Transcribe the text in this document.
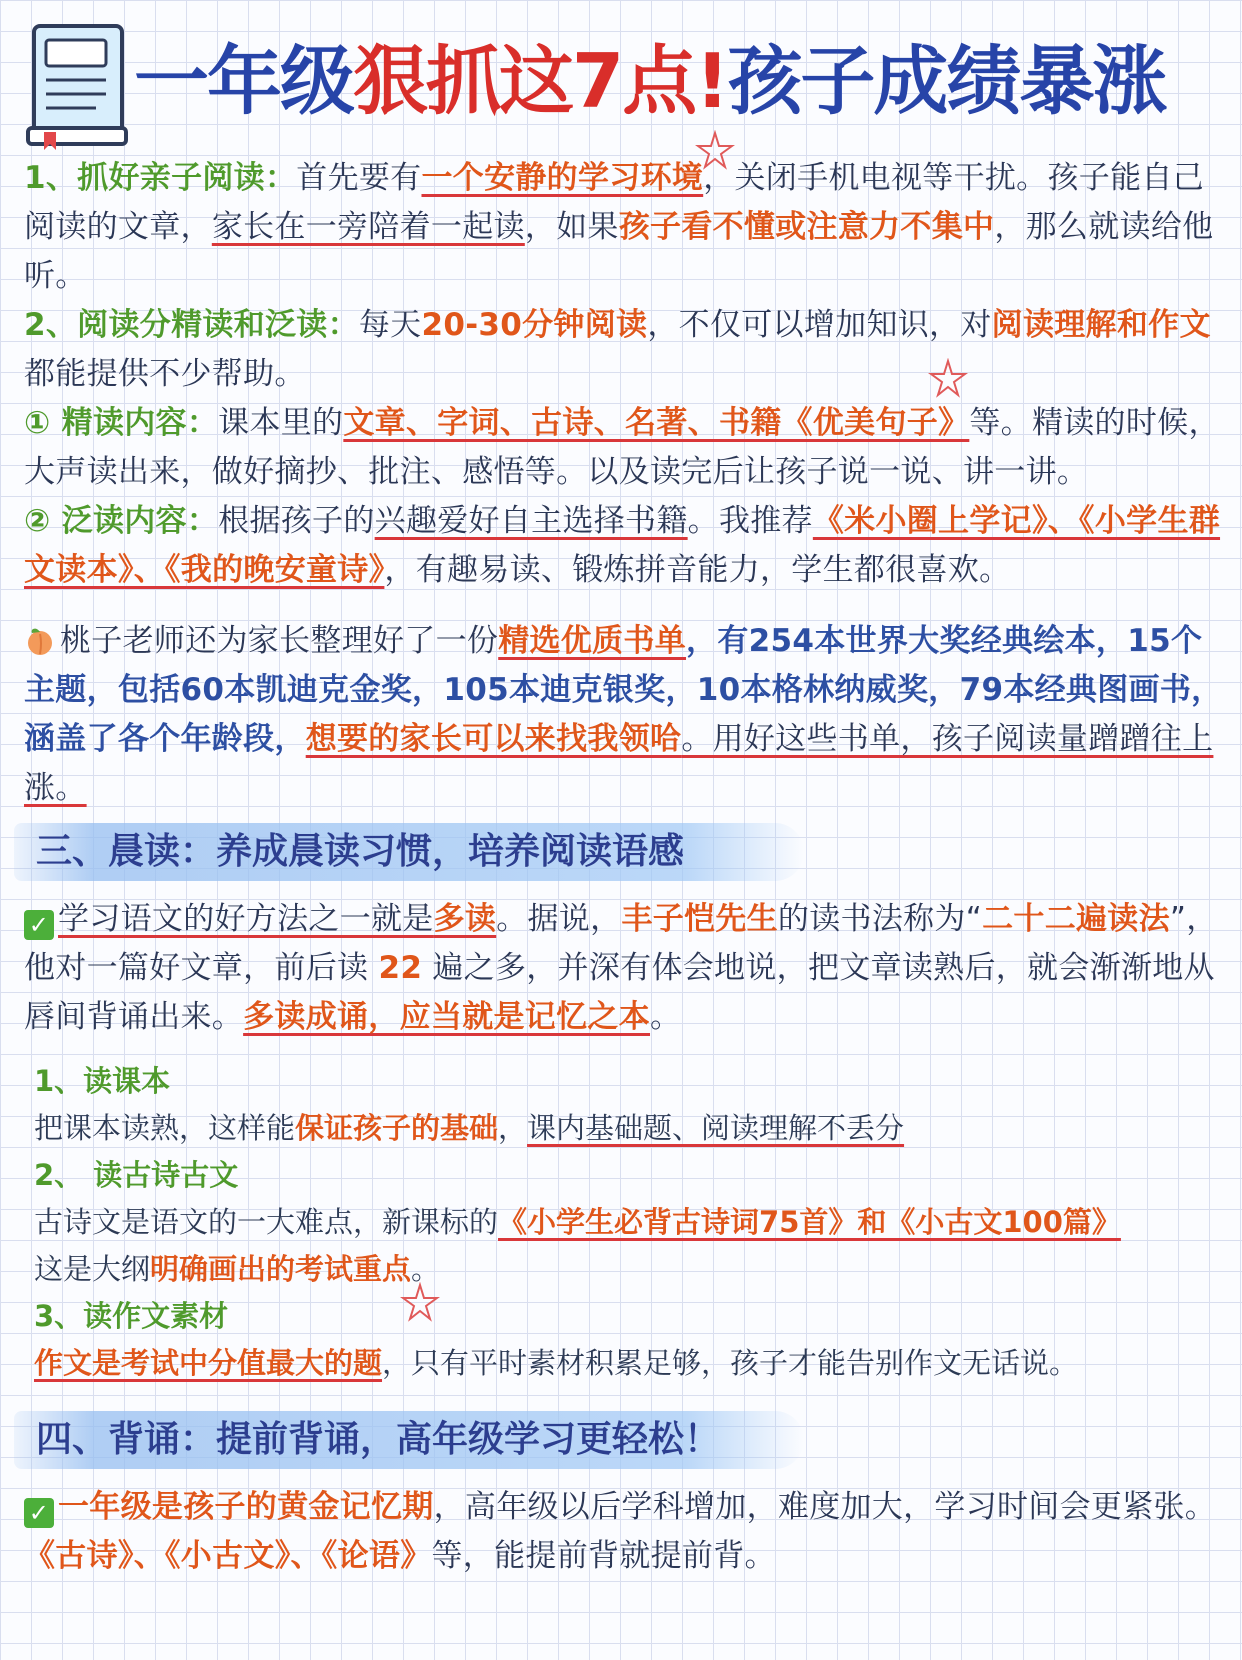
一年级狠抓这7点!孩子成绩暴涨

1、抓好亲子阅读：首先要有一个安静的学习环境，关闭手机电视等干扰。孩子能自己阅读的文章，家长在一旁陪着一起读，如果孩子看不懂或注意力不集中，那么就读给他听。

2、阅读分精读和泛读：每天20-30分钟阅读，不仅可以增加知识，对阅读理解和作文都能提供不少帮助。

① 精读内容：课本里的文章、字词、古诗、名著、书籍《优美句子》等。精读的时候，大声读出来，做好摘抄、批注、感悟等。以及读完后让孩子说一说、讲一讲。

② 泛读内容：根据孩子的兴趣爱好自主选择书籍。我推荐《米小圈上学记》、《小学生群文读本》、《我的晚安童诗》，有趣易读、锻炼拼音能力，学生都很喜欢。

桃子老师还为家长整理好了一份精选优质书单，有254本世界大奖经典绘本，15个主题，包括60本凯迪克金奖，105本迪克银奖，10本格林纳威奖，79本经典图画书，涵盖了各个年龄段，想要的家长可以来找我领哈。用好这些书单，孩子阅读量蹭蹭往上涨。

三、晨读：养成晨读习惯，培养阅读语感

✓ 学习语文的好方法之一就是多读。据说，丰子恺先生的读书法称为“二十二遍读法”，他对一篇好文章，前后读 22 遍之多，并深有体会地说，把文章读熟后，就会渐渐地从唇间背诵出来。多读成诵，应当就是记忆之本。

1、读课本

把课本读熟，这样能保证孩子的基础，课内基础题、阅读理解不丢分

2、 读古诗古文

古诗文是语文的一大难点，新课标的《小学生必背古诗词75首》和《小古文100篇》
这是大纲明确画出的考试重点。

3、读作文素材

作文是考试中分值最大的题，只有平时素材积累足够，孩子才能告别作文无话说。

四、背诵：提前背诵，高年级学习更轻松！

✓ 一年级是孩子的黄金记忆期，高年级以后学科增加，难度加大，学习时间会更紧张。《古诗》、《小古文》、《论语》等，能提前背就提前背。
